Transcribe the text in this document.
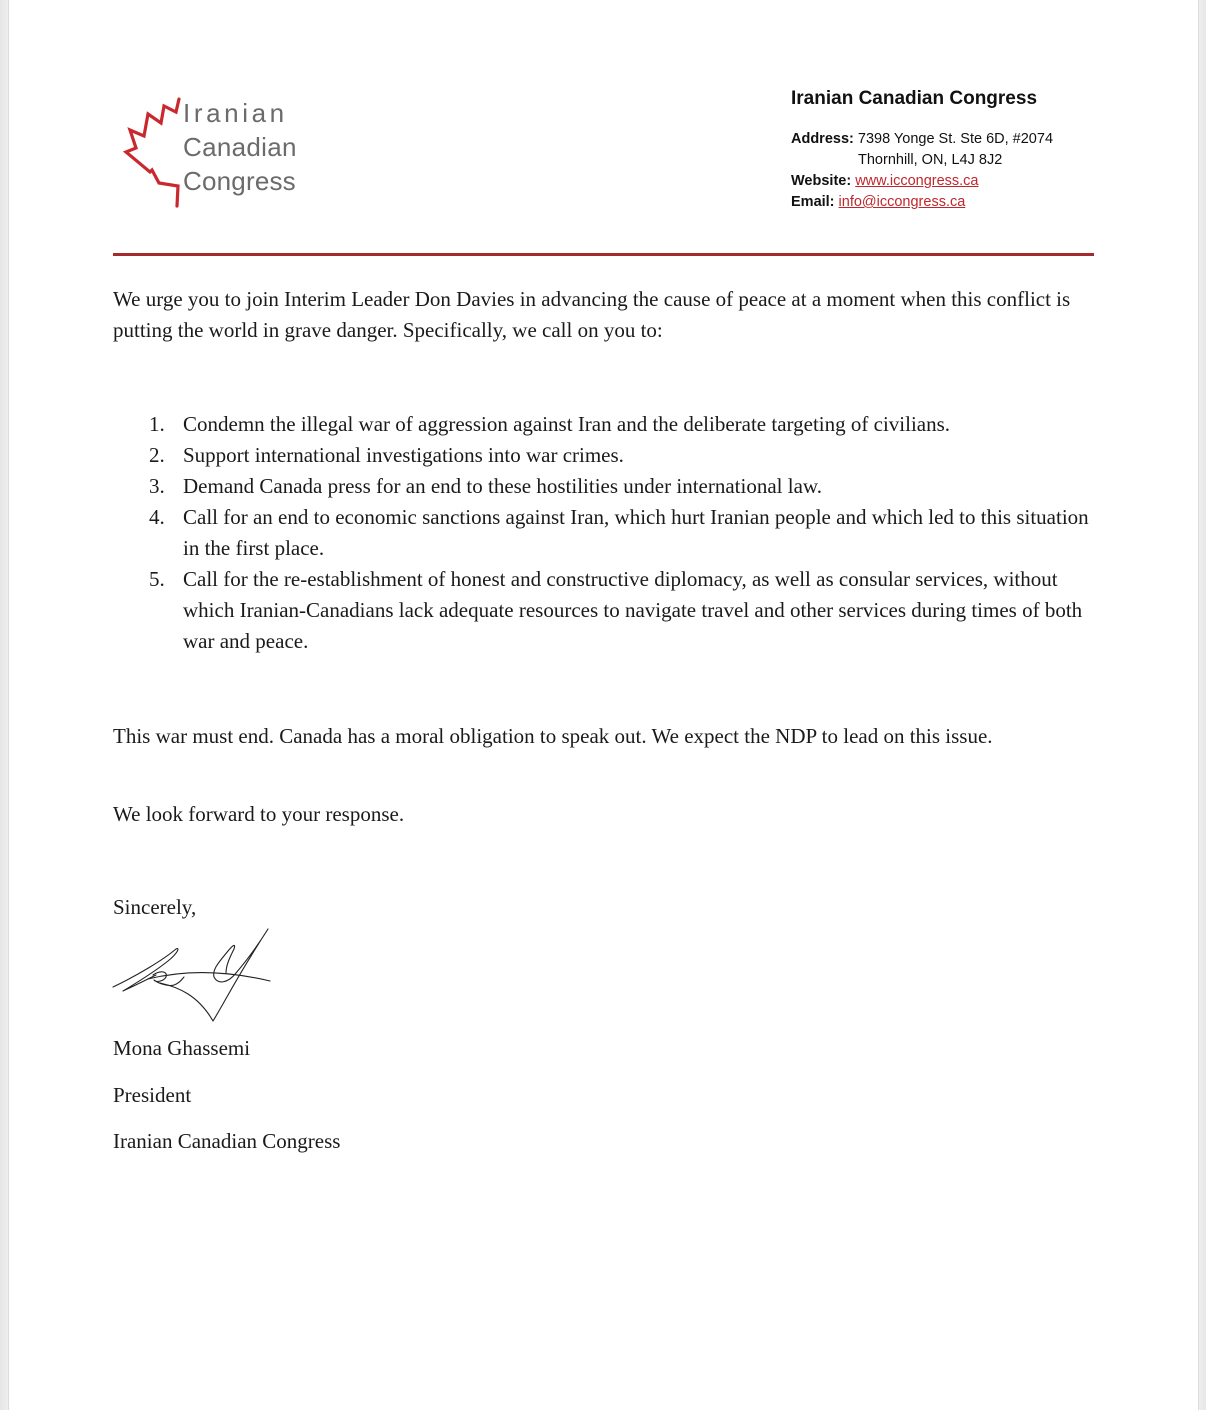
Iranian
Canadian
Congress
Iranian Canadian Congress
Address: 7398 Yonge St. Ste 6D, #2074
Thornhill, ON, L4J 8J2
Website: www.iccongress.ca
Email: info@iccongress.ca

We urge you to join Interim Leader Don Davies in advancing the cause of peace at a moment when this conflict is putting the world in grave danger. Specifically, we call on you to:

1. Condemn the illegal war of aggression against Iran and the deliberate targeting of civilians.
2. Support international investigations into war crimes.
3. Demand Canada press for an end to these hostilities under international law.
4. Call for an end to economic sanctions against Iran, which hurt Iranian people and which led to this situation in the first place.
5. Call for the re-establishment of honest and constructive diplomacy, as well as consular services, without which Iranian-Canadians lack adequate resources to navigate travel and other services during times of both war and peace.

This war must end. Canada has a moral obligation to speak out. We expect the NDP to lead on this issue.

We look forward to your response.

Sincerely,

Mona Ghassemi

President

Iranian Canadian Congress
